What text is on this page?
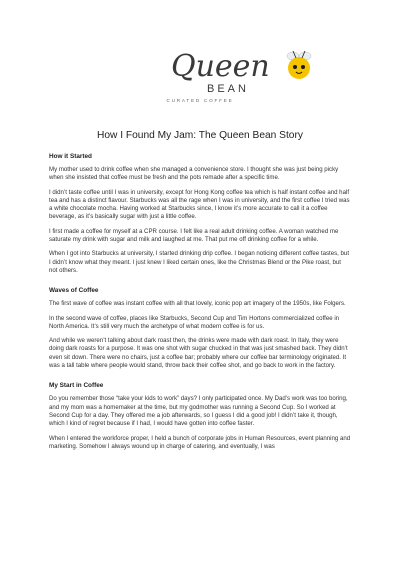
Queen
BEAN
CURATED COFFEE
How I Found My Jam: The Queen Bean Story
How it Started

My mother used to drink coffee when she managed a convenience store. I thought she was just being picky when she insisted that coffee must be fresh and the pots remade after a specific time.

I didn’t taste coffee until I was in university, except for Hong Kong coffee tea which is half instant coffee and half tea and has a distinct flavour. Starbucks was all the rage when I was in university, and the first coffee I tried was a white chocolate mocha. Having worked at Starbucks since, I know it’s more accurate to call it a coffee beverage, as it’s basically sugar with just a little coffee.

I first made a coffee for myself at a CPR course. I felt like a real adult drinking coffee. A woman watched me saturate my drink with sugar and milk and laughed at me. That put me off drinking coffee for a while.

When I got into Starbucks at university, I started drinking drip coffee. I began noticing different coffee tastes, but I didn’t know what they meant. I just knew I liked certain ones, like the Christmas Blend or the Pike roast, but not others.

Waves of Coffee

The first wave of coffee was instant coffee with all that lovely, iconic pop art imagery of the 1950s, like Folgers.

In the second wave of coffee, places like Starbucks, Second Cup and Tim Hortons commercialized coffee in North America. It’s still very much the archetype of what modern coffee is for us.

And while we weren’t talking about dark roast then, the drinks were made with dark roast. In Italy, they were doing dark roasts for a purpose. It was one shot with sugar chucked in that was just smashed back. They didn’t even sit down. There were no chairs, just a coffee bar; probably where our coffee bar terminology originated. It was a tall table where people would stand, throw back their coffee shot, and go back to work in the factory.

My Start in Coffee

Do you remember those “take your kids to work” days? I only participated once. My Dad’s work was too boring, and my mom was a homemaker at the time, but my godmother was running a Second Cup. So I worked at Second Cup for a day. They offered me a job afterwards, so I guess I did a good job! I didn’t take it, though, which I kind of regret because if I had, I would have gotten into coffee faster.

When I entered the workforce proper, I held a bunch of corporate jobs in Human Resources, event planning and marketing. Somehow I always wound up in charge of catering, and eventually, I was
